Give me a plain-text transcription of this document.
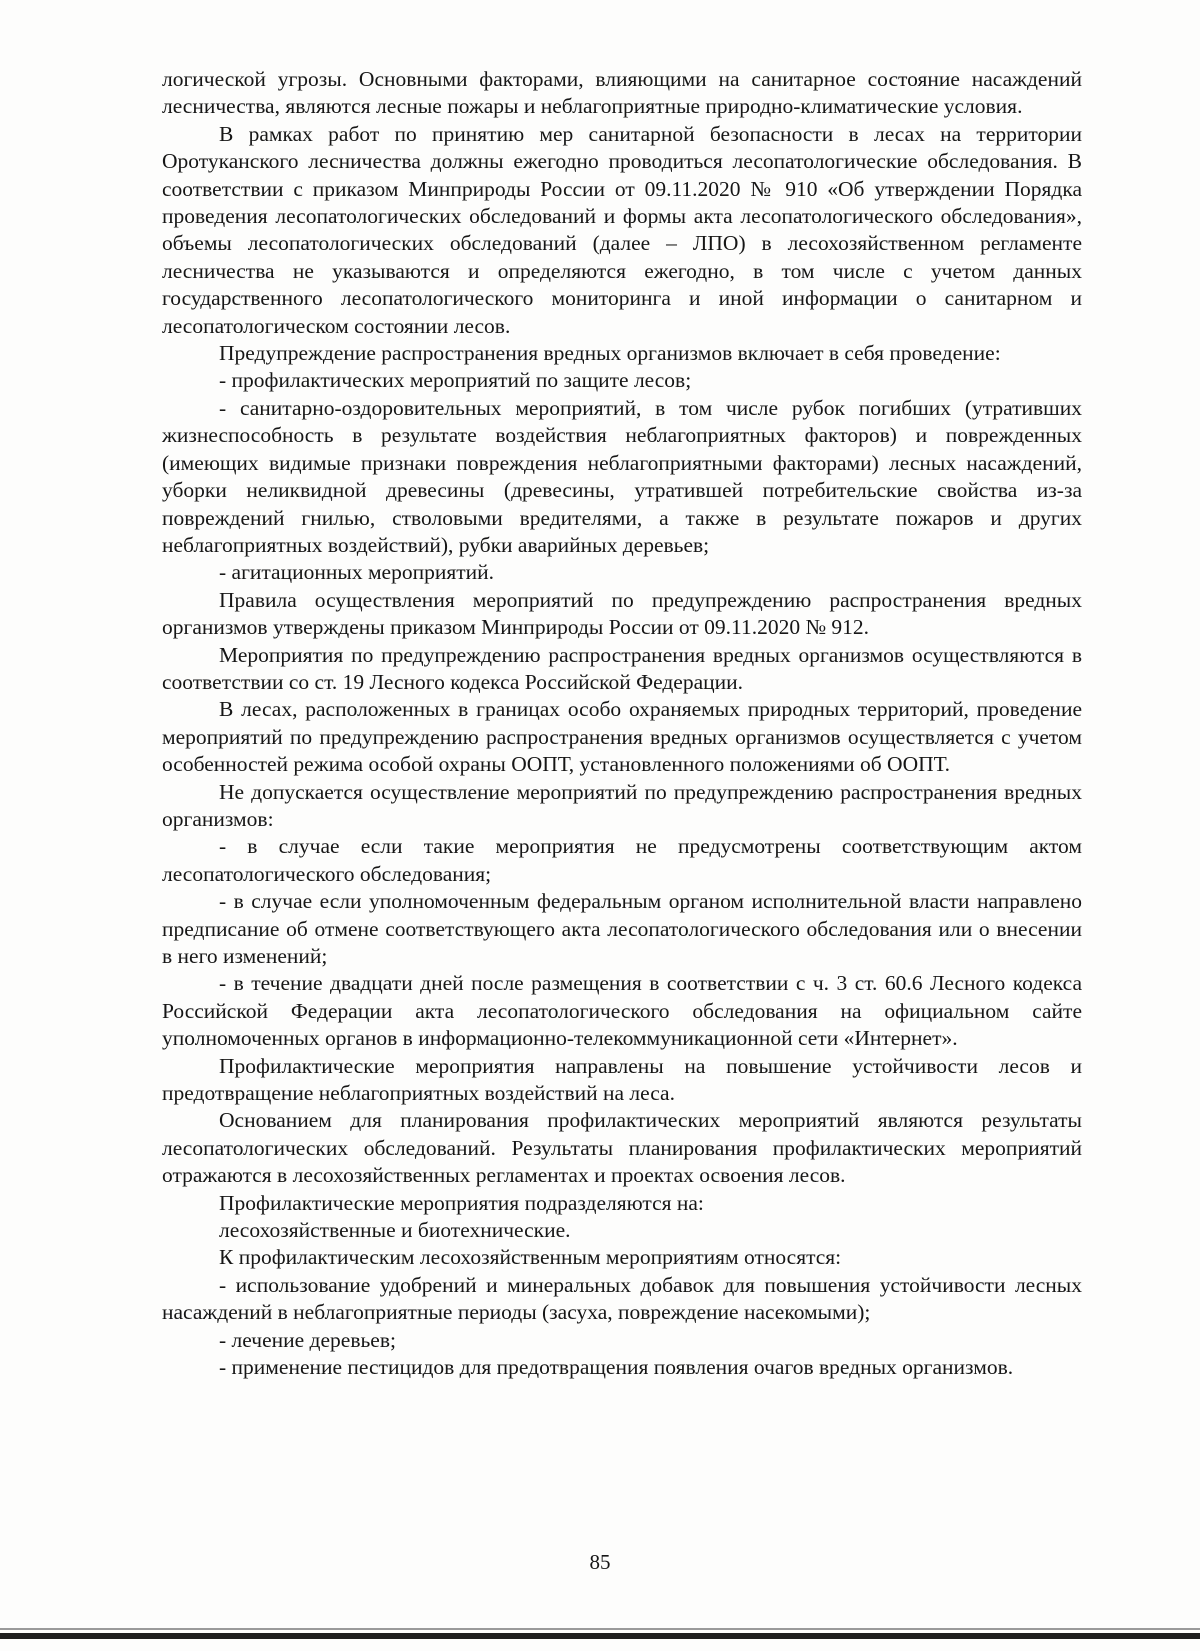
логической угрозы. Основными факторами, влияющими на санитарное состояние насаждений лесничества, являются лесные пожары и неблагоприятные природно-климатические условия.

В рамках работ по принятию мер санитарной безопасности в лесах на территории Оротуканского лесничества должны ежегодно проводиться лесопатологические обследования. В соответствии с приказом Минприроды России от 09.11.2020 № 910 «Об утверждении Порядка проведения лесопатологических обследований и формы акта лесопатологического обследования», объемы лесопатологических обследований (далее – ЛПО) в лесохозяйственном регламенте лесничества не указываются и определяются ежегодно, в том числе с учетом данных государственного лесопатологического мониторинга и иной информации о санитарном и лесопатологическом состоянии лесов.

Предупреждение распространения вредных организмов включает в себя проведение:

- профилактических мероприятий по защите лесов;

- санитарно-оздоровительных мероприятий, в том числе рубок погибших (утративших жизнеспособность в результате воздействия неблагоприятных факторов) и поврежденных (имеющих видимые признаки повреждения неблагоприятными факторами) лесных насаждений, уборки неликвидной древесины (древесины, утратившей потребительские свойства из-за повреждений гнилью, стволовыми вредителями, а также в результате пожаров и других неблагоприятных воздействий), рубки аварийных деревьев;

- агитационных мероприятий.

Правила осуществления мероприятий по предупреждению распространения вредных организмов утверждены приказом Минприроды России от 09.11.2020 № 912.

Мероприятия по предупреждению распространения вредных организмов осуществляются в соответствии со ст. 19 Лесного кодекса Российской Федерации.

В лесах, расположенных в границах особо охраняемых природных территорий, проведение мероприятий по предупреждению распространения вредных организмов осуществляется с учетом особенностей режима особой охраны ООПТ, установленного положениями об ООПТ.

Не допускается осуществление мероприятий по предупреждению распространения вредных организмов:

- в случае если такие мероприятия не предусмотрены соответствующим актом лесопатологического обследования;

- в случае если уполномоченным федеральным органом исполнительной власти направлено предписание об отмене соответствующего акта лесопатологического обследования или о внесении в него изменений;

- в течение двадцати дней после размещения в соответствии с ч. 3 ст. 60.6 Лесного кодекса Российской Федерации акта лесопатологического обследования на официальном сайте уполномоченных органов в информационно-телекоммуникационной сети «Интернет».

Профилактические мероприятия направлены на повышение устойчивости лесов и предотвращение неблагоприятных воздействий на леса.

Основанием для планирования профилактических мероприятий являются результаты лесопатологических обследований. Результаты планирования профилактических мероприятий отражаются в лесохозяйственных регламентах и проектах освоения лесов.

Профилактические мероприятия подразделяются на:

лесохозяйственные и биотехнические.

К профилактическим лесохозяйственным мероприятиям относятся:

- использование удобрений и минеральных добавок для повышения устойчивости лесных насаждений в неблагоприятные периоды (засуха, повреждение насекомыми);

- лечение деревьев;

- применение пестицидов для предотвращения появления очагов вредных организмов.

85
